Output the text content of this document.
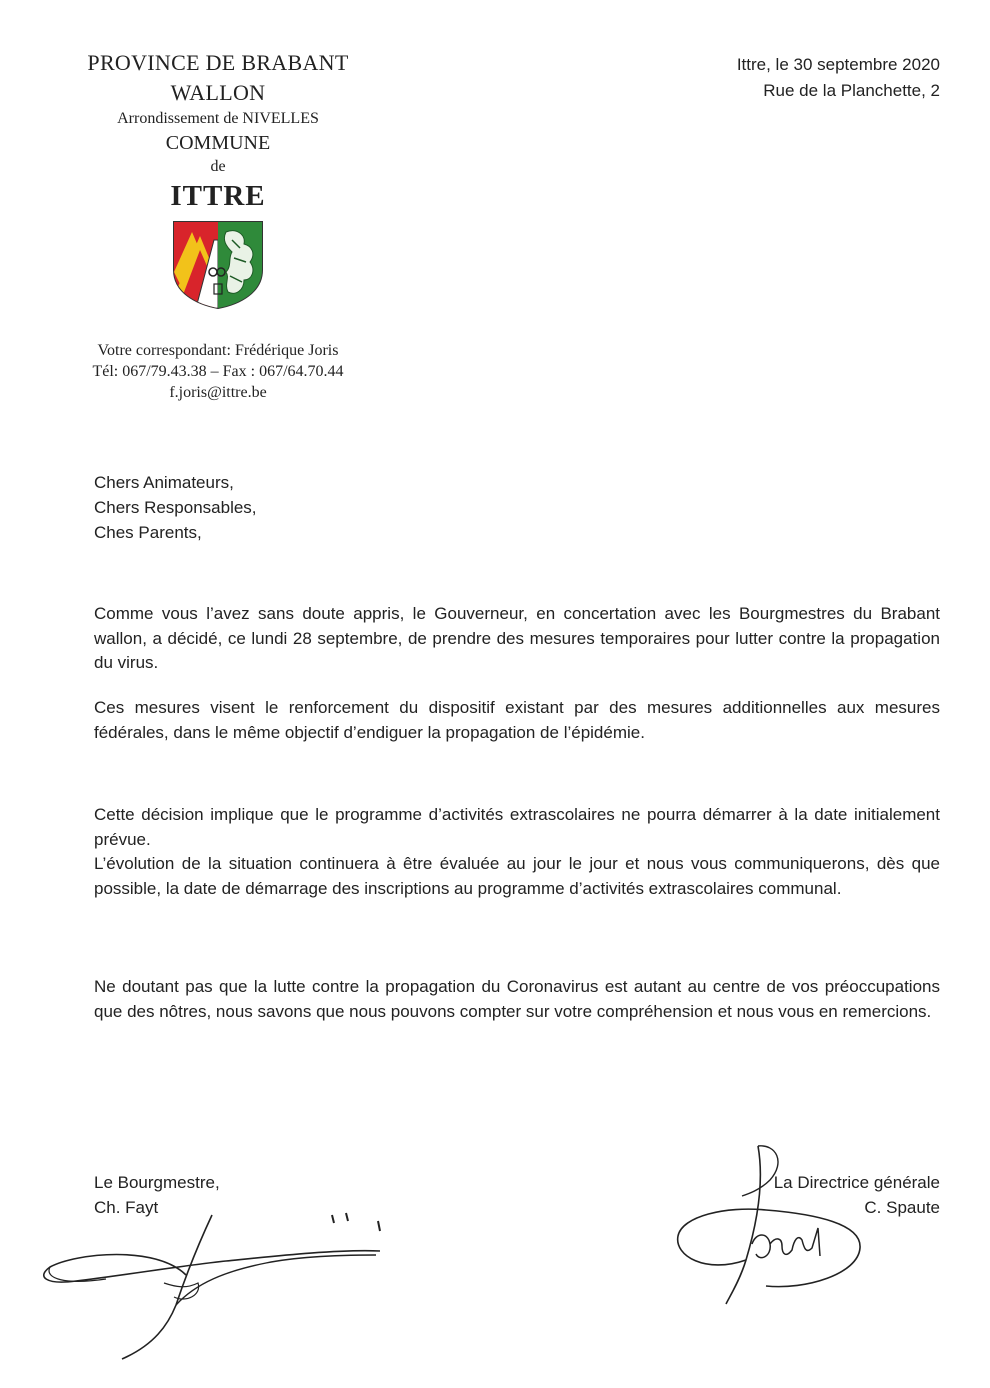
PROVINCE DE BRABANT
WALLON
Arrondissement de NIVELLES
COMMUNE
de
ITTRE
Votre correspondant: Frédérique Joris
Tél: 067/79.43.38 – Fax : 067/64.70.44
f.joris@ittre.be
Ittre, le 30 septembre 2020
Rue de la Planchette, 2
Chers Animateurs,
Chers Responsables,
Ches Parents,
Comme vous l’avez sans doute appris, le Gouverneur, en concertation avec les Bourgmestres du Brabant wallon, a décidé, ce lundi 28 septembre, de prendre des mesures temporaires pour lutter contre la propagation du virus.
Ces mesures visent le renforcement du dispositif existant par des mesures additionnelles aux mesures fédérales, dans le même objectif d’endiguer la propagation de l’épidémie.
Cette décision implique que le programme d’activités extrascolaires ne pourra démarrer à la date initialement prévue.
L’évolution de la situation continuera à être évaluée au jour le jour et nous vous communiquerons, dès que possible, la date de démarrage des inscriptions au programme d’activités extrascolaires communal.
Ne doutant pas que la lutte contre la propagation du Coronavirus est autant au centre de vos préoccupations que des nôtres, nous savons que nous pouvons compter sur votre compréhension et nous vous en remercions.
Le Bourgmestre,
Ch. Fayt
La Directrice générale
C. Spaute
